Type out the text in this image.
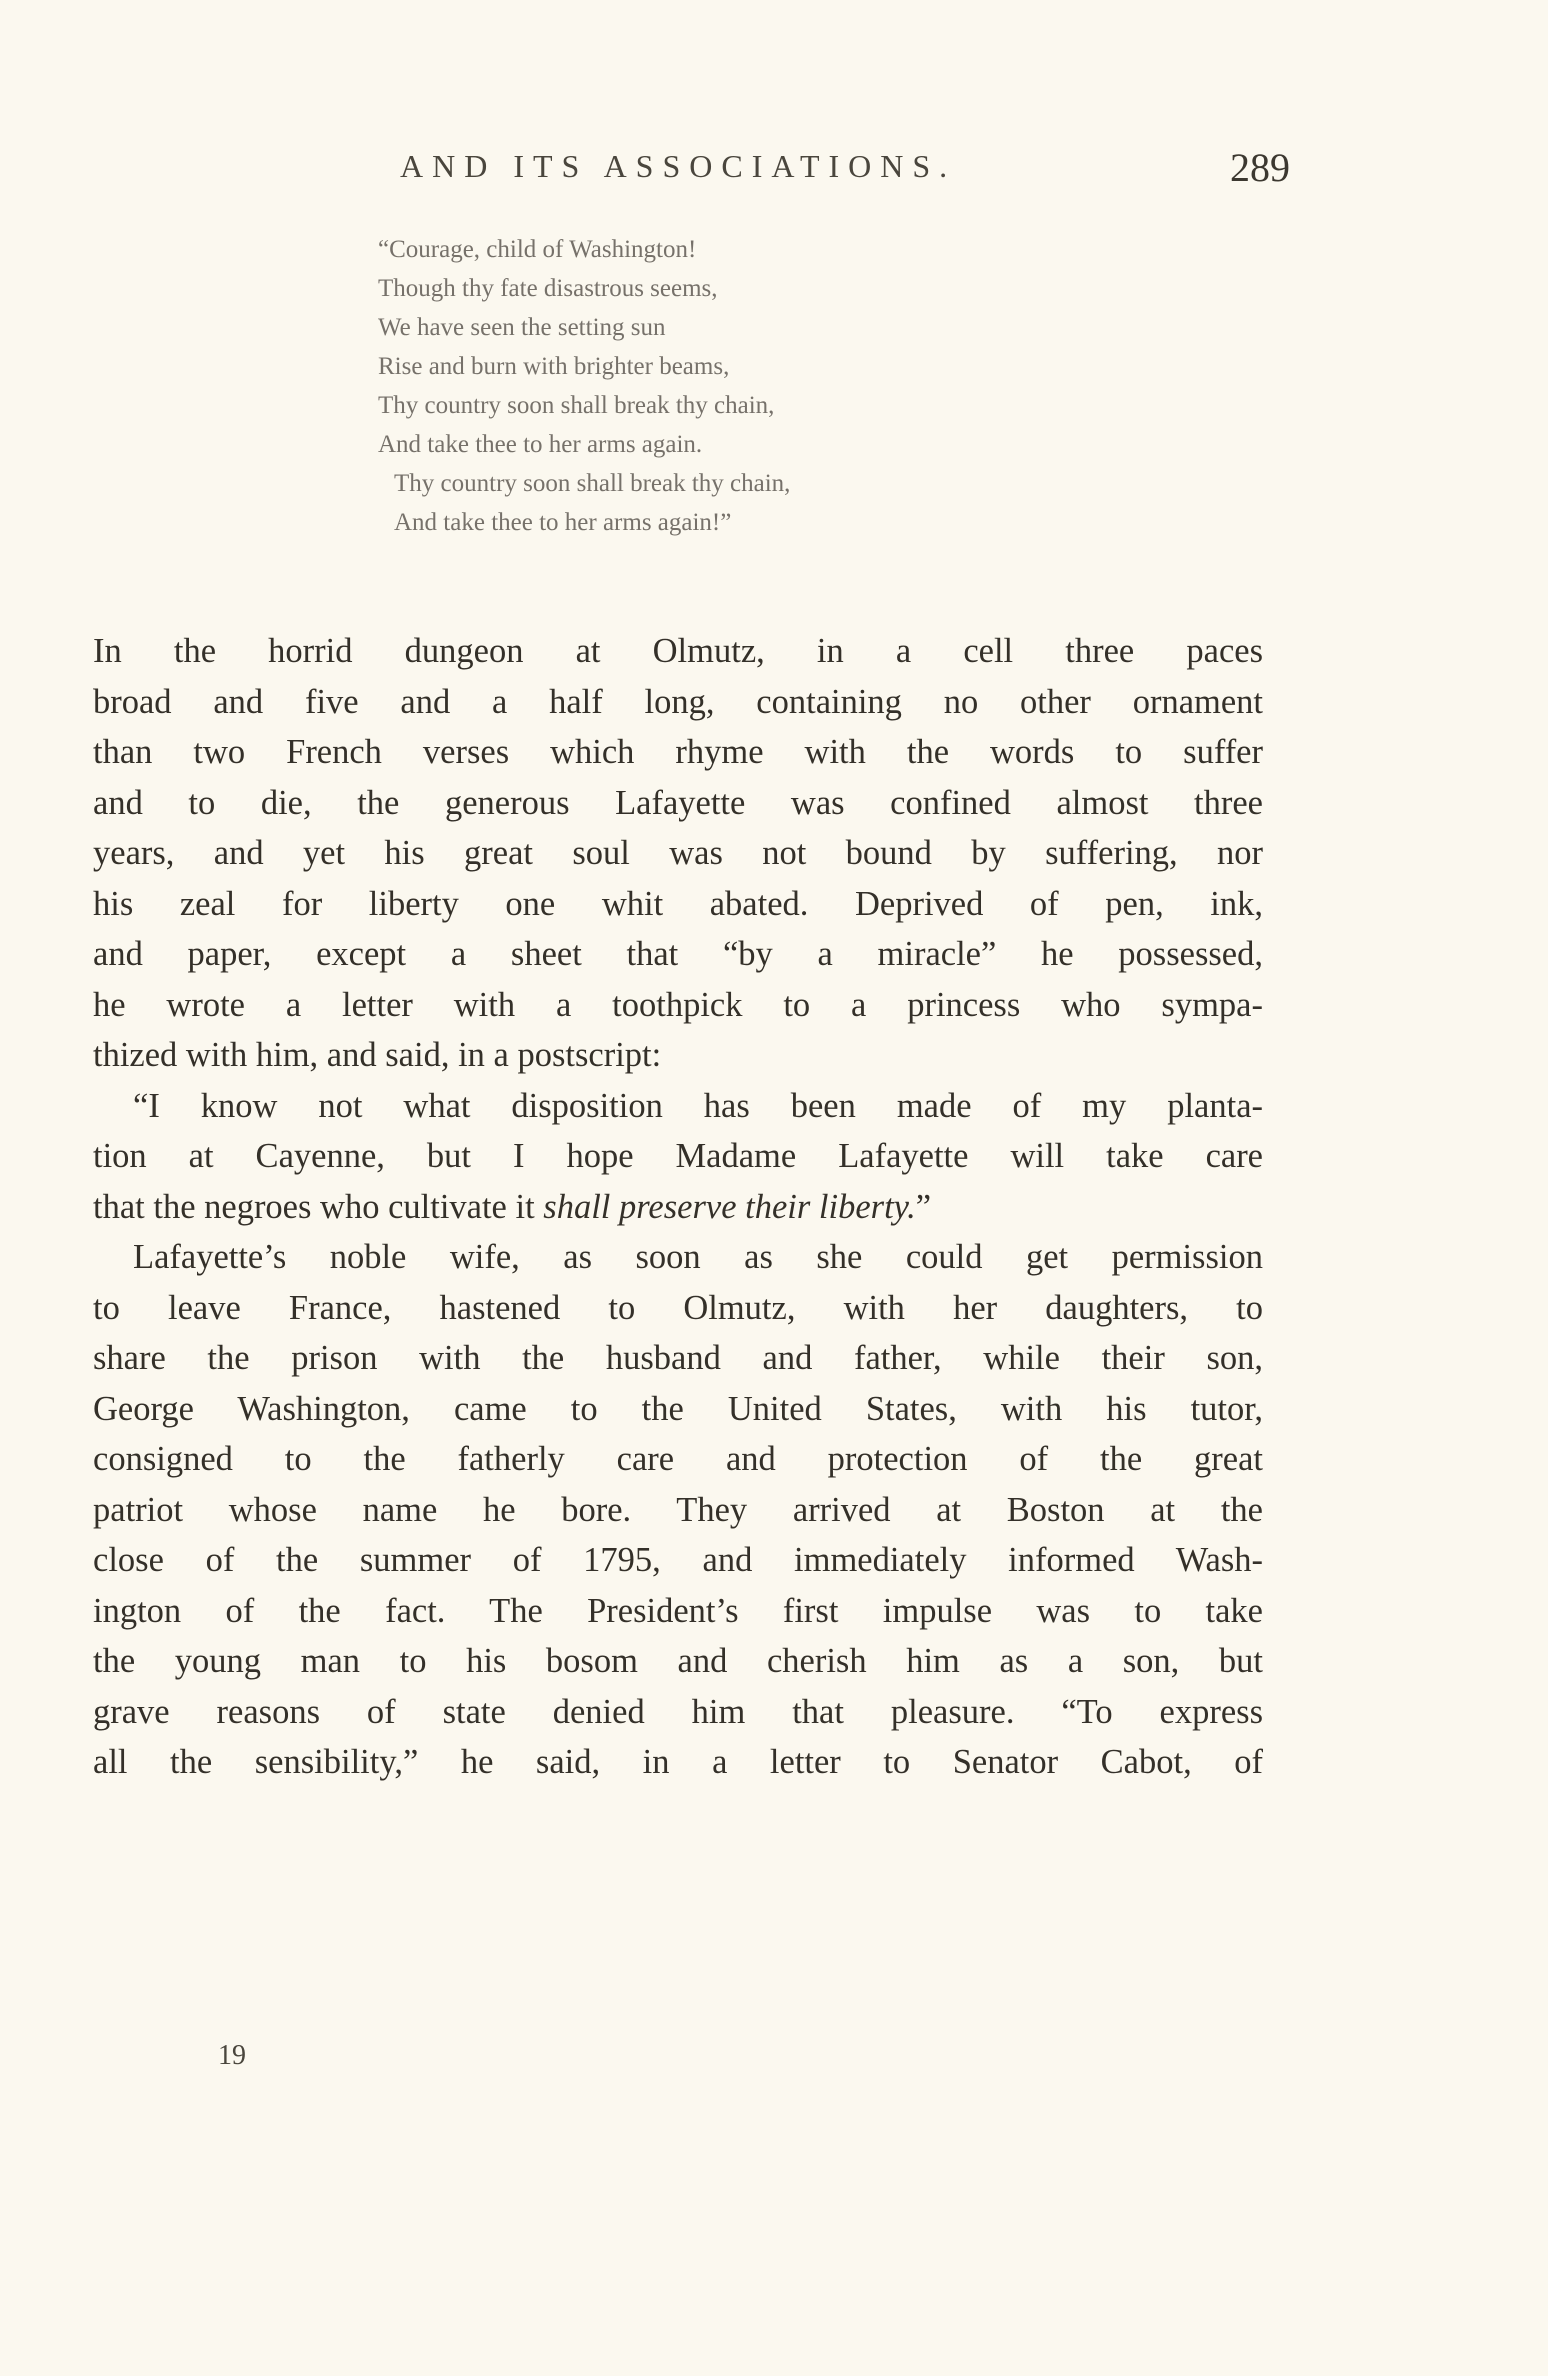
AND ITS ASSOCIATIONS.	289
“Courage, child of Washington!
Though thy fate disastrous seems,
We have seen the setting sun
Rise and burn with brighter beams,
Thy country soon shall break thy chain,
And take thee to her arms again.
Thy country soon shall break thy chain,
And take thee to her arms again!”
In the horrid dungeon at Olmutz, in a cell three paces
broad and five and a half long, containing no other ornament
than two French verses which rhyme with the words to suffer
and to die, the generous Lafayette was confined almost three
years, and yet his great soul was not bound by suffering, nor
his zeal for liberty one whit abated. Deprived of pen, ink,
and paper, except a sheet that “by a miracle” he possessed,
he wrote a letter with a toothpick to a princess who sympa-
thized with him, and said, in a postscript:
“I know not what disposition has been made of my planta-
tion at Cayenne, but I hope Madame Lafayette will take care
that the negroes who cultivate it shall preserve their liberty.”
Lafayette’s noble wife, as soon as she could get permission
to leave France, hastened to Olmutz, with her daughters, to
share the prison with the husband and father, while their son,
George Washington, came to the United States, with his tutor,
consigned to the fatherly care and protection of the great
patriot whose name he bore. They arrived at Boston at the
close of the summer of 1795, and immediately informed Wash-
ington of the fact. The President’s first impulse was to take
the young man to his bosom and cherish him as a son, but
grave reasons of state denied him that pleasure. “To express
all the sensibility,” he said, in a letter to Senator Cabot, of
19
